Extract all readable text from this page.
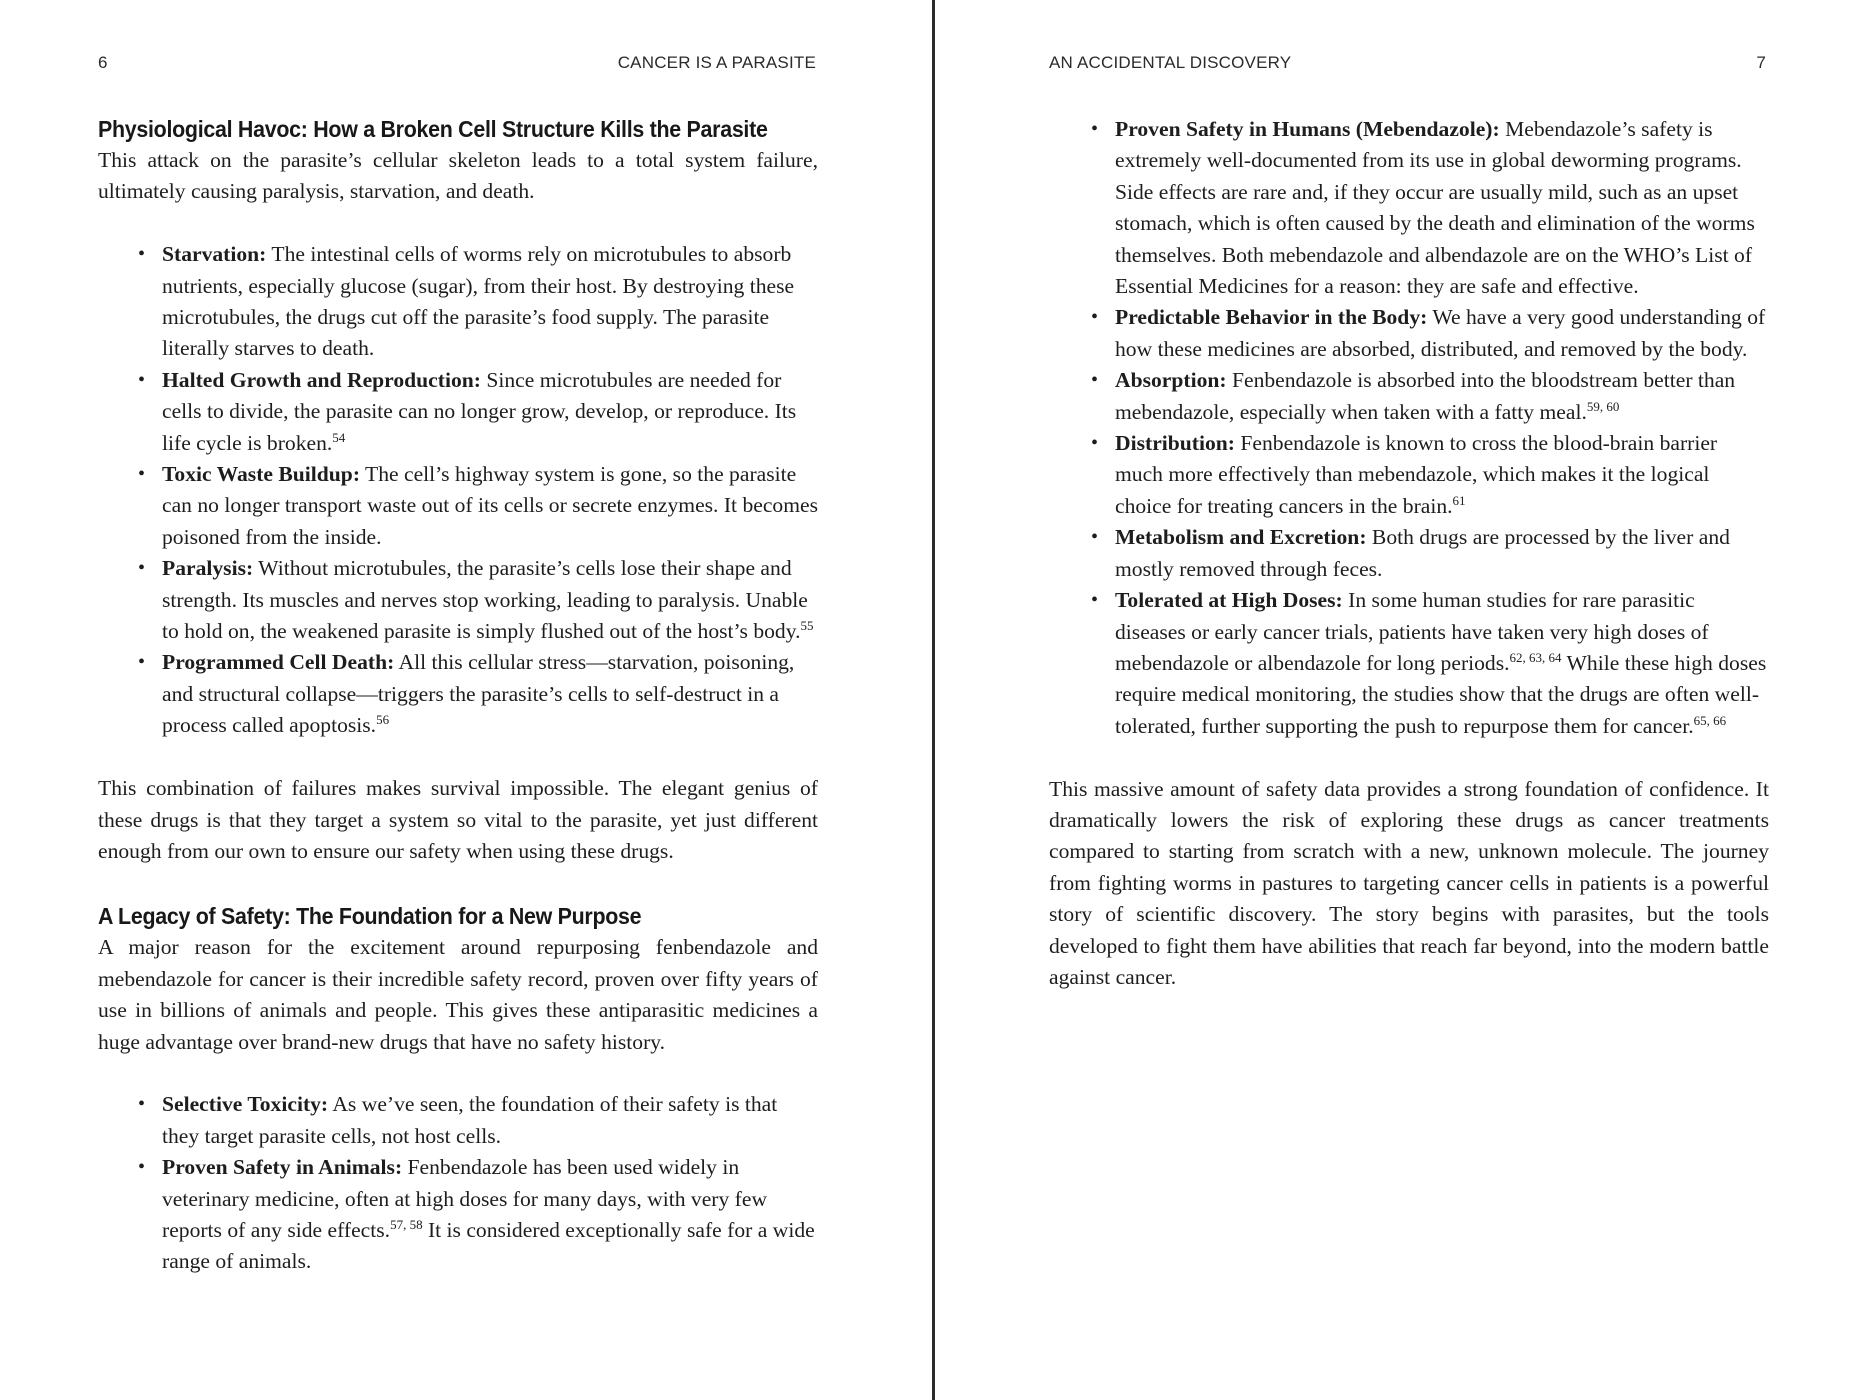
6	CANCER IS A PARASITE
Physiological Havoc: How a Broken Cell Structure Kills the Parasite

This attack on the parasite’s cellular skeleton leads to a total system failure, ultimately causing paralysis, starvation, and death.

• Starvation: The intestinal cells of worms rely on microtubules to absorb nutrients, especially glucose (sugar), from their host. By destroying these microtubules, the drugs cut off the parasite’s food supply. The parasite literally starves to death.
• Halted Growth and Reproduction: Since microtubules are needed for cells to divide, the parasite can no longer grow, develop, or reproduce. Its life cycle is broken.$^{54}$
• Toxic Waste Buildup: The cell’s highway system is gone, so the parasite can no longer transport waste out of its cells or secrete enzymes. It becomes poisoned from the inside.
• Paralysis: Without microtubules, the parasite’s cells lose their shape and strength. Its muscles and nerves stop working, leading to paralysis. Unable to hold on, the weakened parasite is simply flushed out of the host’s body.$^{55}$
• Programmed Cell Death: All this cellular stress—starvation, poisoning, and structural collapse—triggers the parasite’s cells to self-destruct in a process called apoptosis.$^{56}$

This combination of failures makes survival impossible. The elegant genius of these drugs is that they target a system so vital to the parasite, yet just different enough from our own to ensure our safety when using these drugs.

A Legacy of Safety: The Foundation for a New Purpose

A major reason for the excitement around repurposing fenbendazole and mebendazole for cancer is their incredible safety record, proven over fifty years of use in billions of animals and people. This gives these antiparasitic medicines a huge advantage over brand-new drugs that have no safety history.

• Selective Toxicity: As we’ve seen, the foundation of their safety is that they target parasite cells, not host cells.
• Proven Safety in Animals: Fenbendazole has been used widely in veterinary medicine, often at high doses for many days, with very few reports of any side effects.$^{57, 58}$ It is considered exceptionally safe for a wide range of animals.
AN ACCIDENTAL DISCOVERY	7
• Proven Safety in Humans (Mebendazole): Mebendazole’s safety is extremely well-documented from its use in global deworming programs. Side effects are rare and, if they occur are usually mild, such as an upset stomach, which is often caused by the death and elimination of the worms themselves. Both mebendazole and albendazole are on the WHO’s List of Essential Medicines for a reason: they are safe and effective.
• Predictable Behavior in the Body: We have a very good understanding of how these medicines are absorbed, distributed, and removed by the body.
• Absorption: Fenbendazole is absorbed into the bloodstream better than mebendazole, especially when taken with a fatty meal.$^{59, 60}$
• Distribution: Fenbendazole is known to cross the blood-brain barrier much more effectively than mebendazole, which makes it the logical choice for treating cancers in the brain.$^{61}$
• Metabolism and Excretion: Both drugs are processed by the liver and mostly removed through feces.
• Tolerated at High Doses: In some human studies for rare parasitic diseases or early cancer trials, patients have taken very high doses of mebendazole or albendazole for long periods.$^{62, 63, 64}$ While these high doses require medical monitoring, the studies show that the drugs are often well-tolerated, further supporting the push to repurpose them for cancer.$^{65, 66}$

This massive amount of safety data provides a strong foundation of confidence. It dramatically lowers the risk of exploring these drugs as cancer treatments compared to starting from scratch with a new, unknown molecule. The journey from fighting worms in pastures to targeting cancer cells in patients is a powerful story of scientific discovery. The story begins with parasites, but the tools developed to fight them have abilities that reach far beyond, into the modern battle against cancer.
